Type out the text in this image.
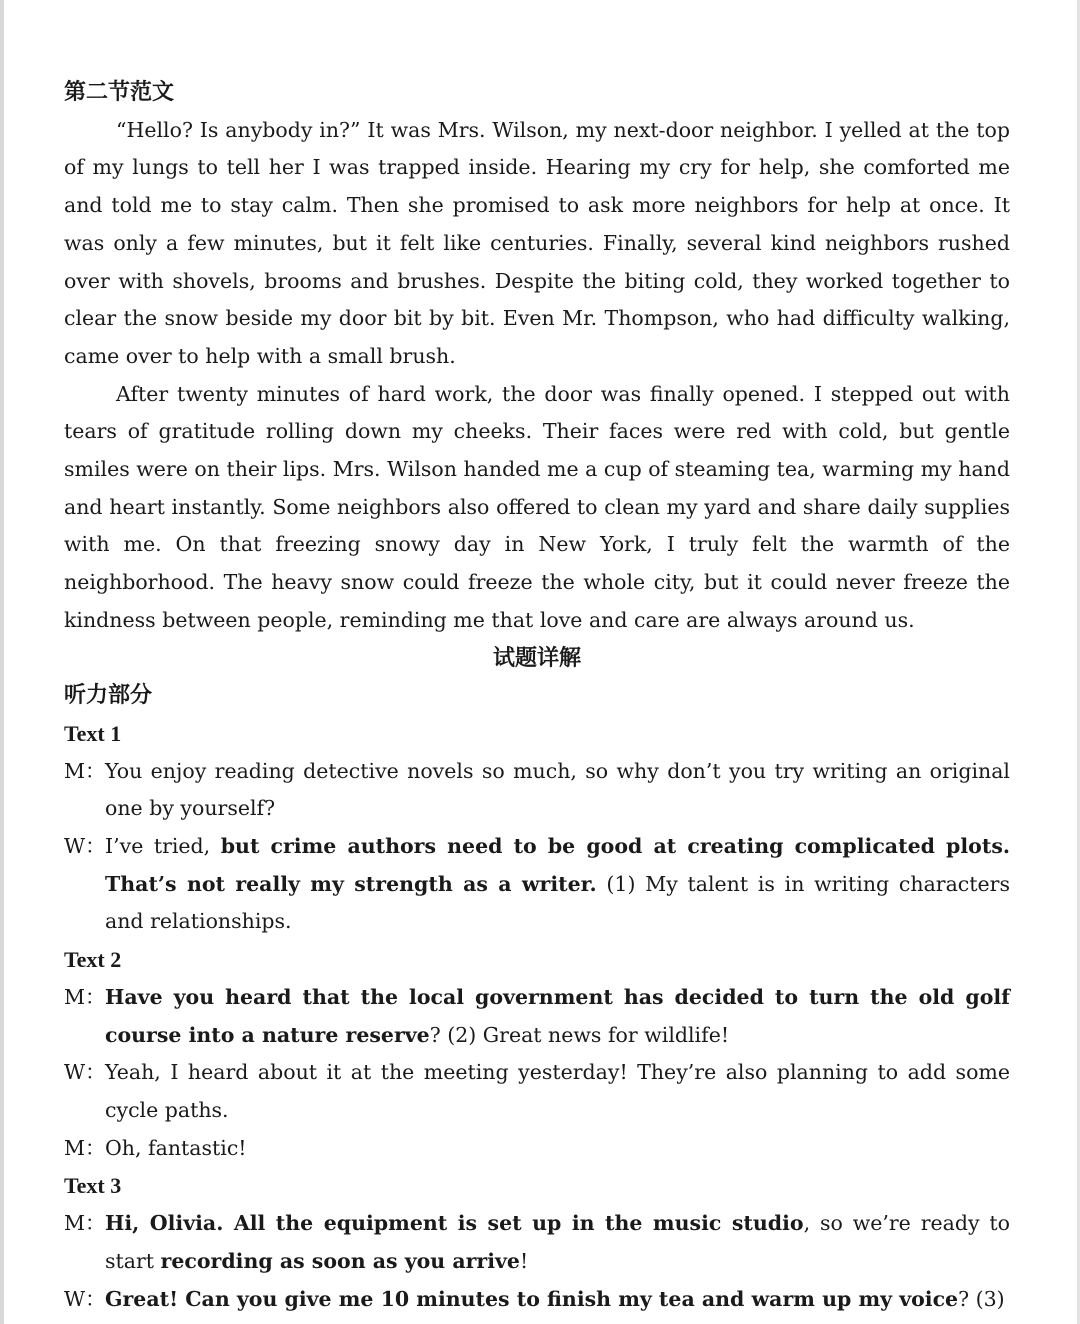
第二节范文

“Hello? Is anybody in?” It was Mrs. Wilson, my next-door neighbor. I yelled at the top of my lungs to tell her I was trapped inside. Hearing my cry for help, she comforted me and told me to stay calm. Then she promised to ask more neighbors for help at once. It was only a few minutes, but it felt like centuries. Finally, several kind neighbors rushed over with shovels, brooms and brushes. Despite the biting cold, they worked together to clear the snow beside my door bit by bit. Even Mr. Thompson, who had difficulty walking, came over to help with a small brush.

After twenty minutes of hard work, the door was finally opened. I stepped out with tears of gratitude rolling down my cheeks. Their faces were red with cold, but gentle smiles were on their lips. Mrs. Wilson handed me a cup of steaming tea, warming my hand and heart instantly. Some neighbors also offered to clean my yard and share daily supplies with me. On that freezing snowy day in New York, I truly felt the warmth of the neighborhood. The heavy snow could freeze the whole city, but it could never freeze the kindness between people, reminding me that love and care are always around us.

试题详解
听力部分
Text 1
M： You enjoy reading detective novels so much, so why don’t you try writing an original one by yourself?
W： I’ve tried, but crime authors need to be good at creating complicated plots. That’s not really my strength as a writer. (1) My talent is in writing characters and relationships.
Text 2
M： Have you heard that the local government has decided to turn the old golf course into a nature reserve? (2) Great news for wildlife!
W： Yeah, I heard about it at the meeting yesterday! They’re also planning to add some cycle paths.
M： Oh, fantastic!
Text 3
M： Hi, Olivia. All the equipment is set up in the music studio, so we’re ready to start recording as soon as you arrive!
W： Great! Can you give me 10 minutes to finish my tea and warm up my voice? (3)
